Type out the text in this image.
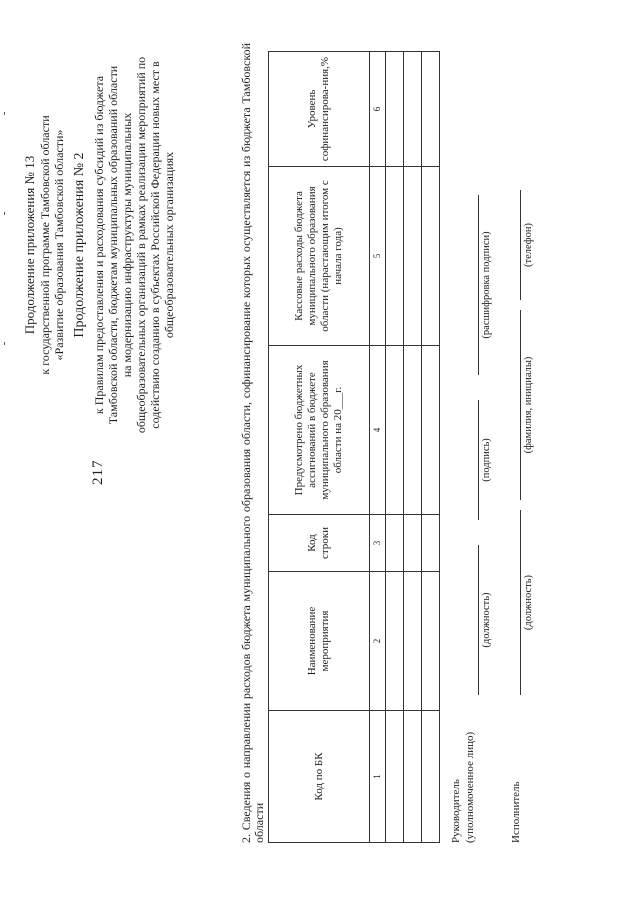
217
Продолжение приложения № 13 к государственной программе Тамбовской области «Развитие образования Тамбовской области» Продолжение приложения № 2 к Правилам предоставления и расходования субсидий из бюджета Тамбовской области, бюджетам муниципальных образований области на модернизацию инфраструктуры муниципальных общеобразовательных организаций в рамках реализации мероприятий по содействию созданию в субъектах Российской Федерации новых мест в общеобразовательных организациях	2. Сведения о направлении расходов бюджета муниципального образования области, софинансирование которых осуществляется из бюджета Тамбовской области
Код по БК	Наименование мероприятия	Код строки	Предусмотрено бюджетных ассигнований в бюджете муниципального образования области на 20___г.	Кассовые расходы бюджета муниципального образования области (нарастающим итогом с начала года)	Уровень софинансирова-ния,%
1	2	3	4	5	6

Руководитель (уполномоченное лицо)
(должность)
(подпись)
(расшифровка подписи)
Исполнитель
(должность)
(фамилия, инициалы)
(телефон)
